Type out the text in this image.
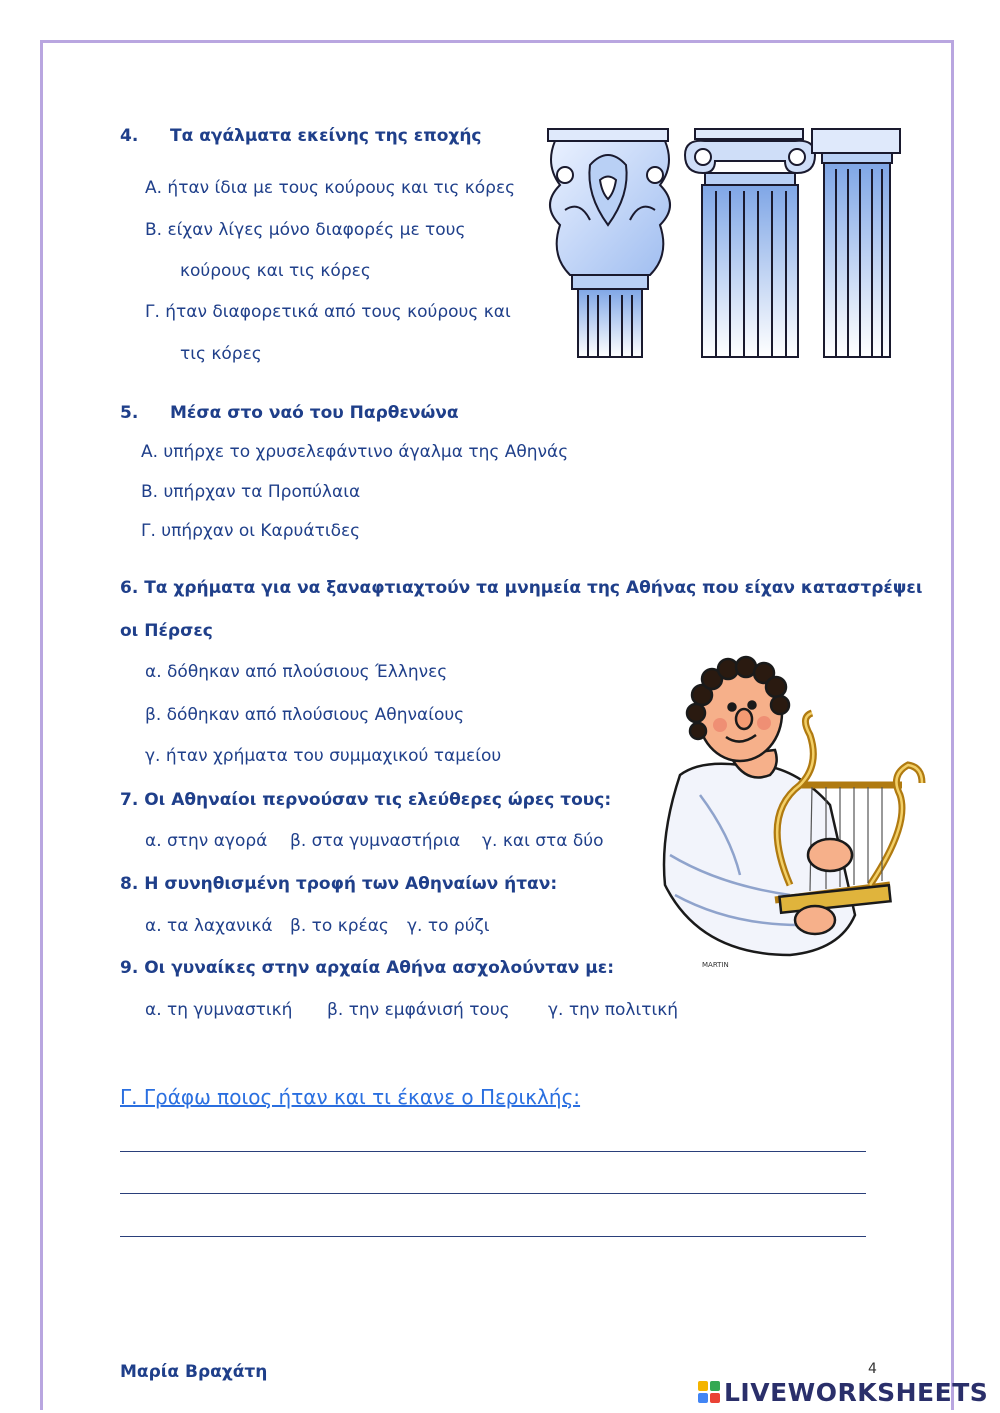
4. Τα αγάλματα εκείνης της εποχής
Α. ήταν ίδια με τους κούρους και τις κόρες
Β. είχαν λίγες μόνο διαφορές με τους
κούρους και τις κόρες
Γ. ήταν διαφορετικά από τους κούρους και
τις κόρες
5. Μέσα στο ναό του Παρθενώνα
Α. υπήρχε το χρυσελεφάντινο άγαλμα της Αθηνάς
Β. υπήρχαν τα Προπύλαια
Γ. υπήρχαν οι Καρυάτιδες
6. Τα χρήματα για να ξαναφτιαχτούν τα μνημεία της Αθήνας που είχαν καταστρέψει
οι Πέρσες
α. δόθηκαν από πλούσιους Έλληνες
β. δόθηκαν από πλούσιους Αθηναίους
γ. ήταν χρήματα του συμμαχικού ταμείου
MARTIN
7. Οι Αθηναίοι περνούσαν τις ελεύθερες ώρες τους:
α. στην αγορά β. στα γυμναστήρια γ. και στα δύο
8. Η συνηθισμένη τροφή των Αθηναίων ήταν:
α. τα λαχανικά β. το κρέας γ. το ρύζι
9. Οι γυναίκες στην αρχαία Αθήνα ασχολούνταν με:
α. τη γυμναστική β. την εμφάνισή τους γ. την πολιτική
Γ. Γράφω ποιος ήταν και τι έκανε ο Περικλής:
Μαρία Βραχάτη	4
LIVEWORKSHEETS
